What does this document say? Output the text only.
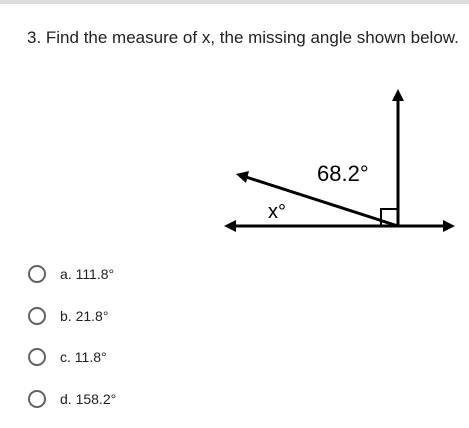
3. Find the measure of x, the missing angle shown below.
68.2°
x°
a. 111.8°
b. 21.8°
c. 11.8°
d. 158.2°
